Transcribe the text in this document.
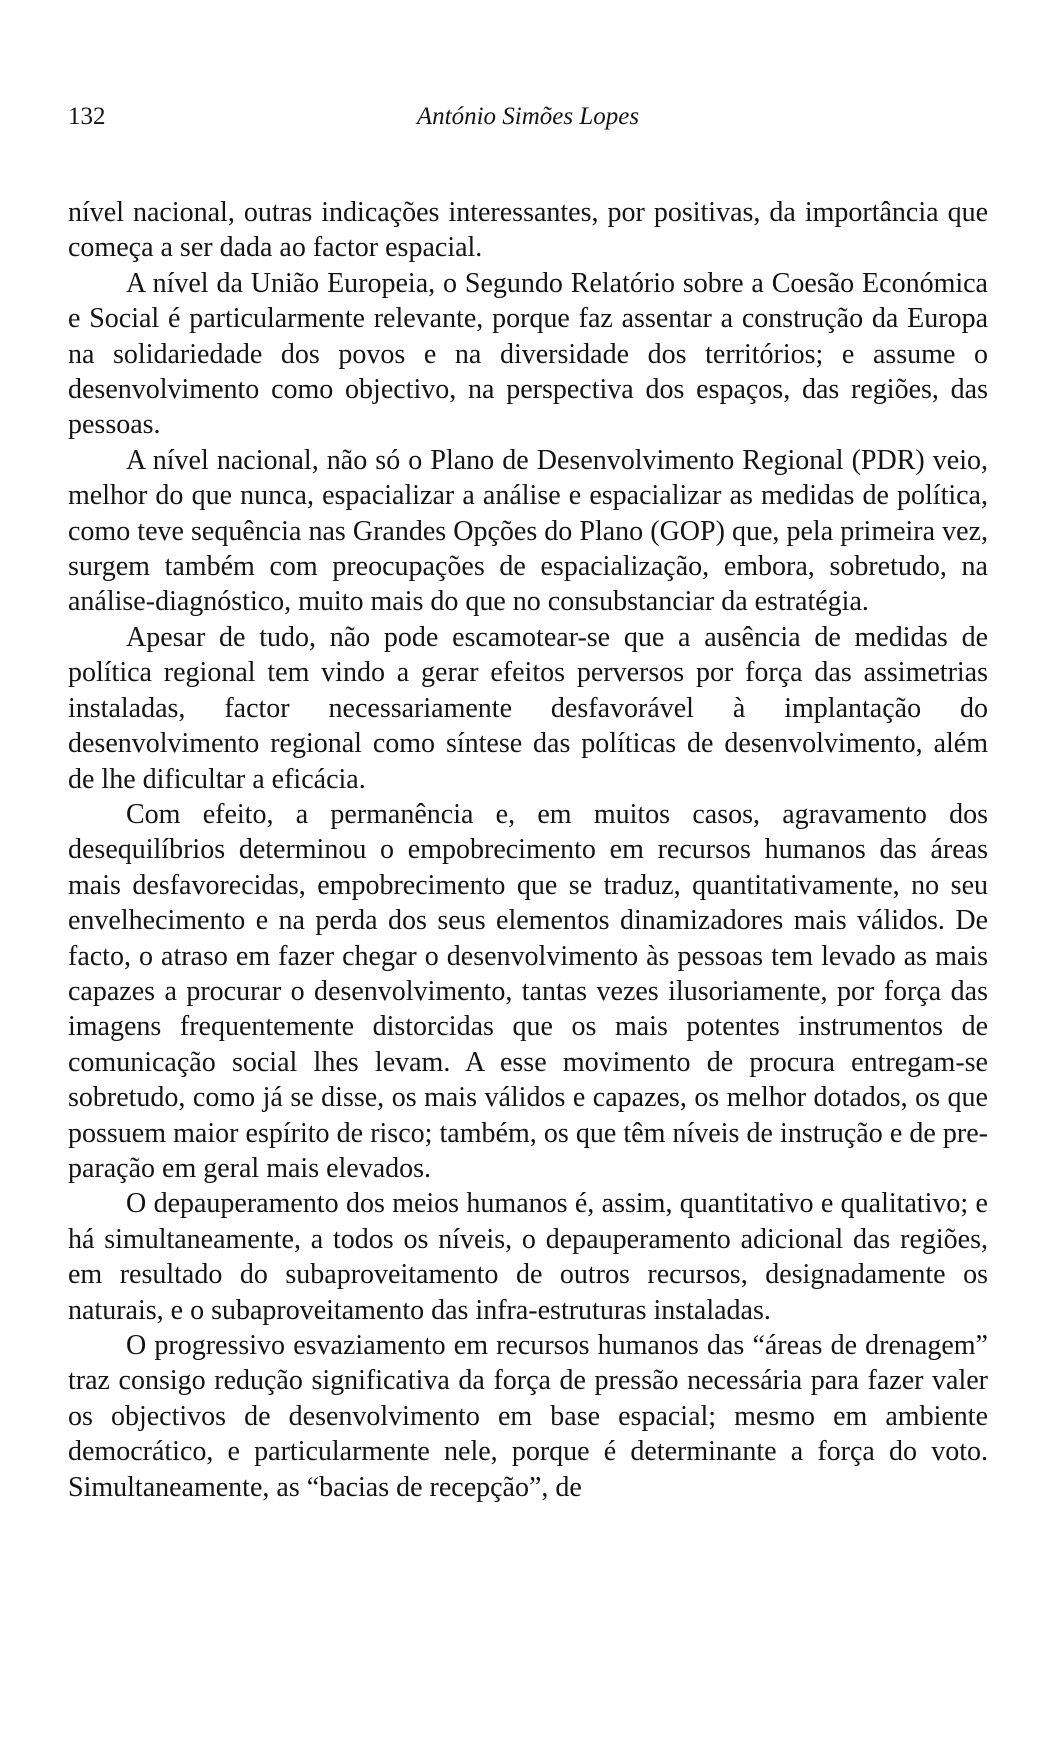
132	António Simões Lopes

nível nacional, outras indicações interessantes, por positivas, da importância que começa a ser dada ao factor espacial.

A nível da União Europeia, o Segundo Relatório sobre a Coesão Económica e Social é particularmente relevante, porque faz assentar a construção da Europa na solidariedade dos povos e na diversidade dos territórios; e assume o desenvolvimento como objectivo, na perspectiva dos espaços, das regiões, das pessoas.

A nível nacional, não só o Plano de Desenvolvimento Regional (PDR) veio, melhor do que nunca, espacializar a análise e espacializar as medidas de política, como teve sequência nas Grandes Opções do Plano (GOP) que, pela primeira vez, surgem também com preocupações de espacialização, embora, sobretudo, na análise-diagnóstico, muito mais do que no consubstanciar da estratégia.

Apesar de tudo, não pode escamotear-se que a ausência de medidas de política regional tem vindo a gerar efeitos perversos por força das assimetrias instaladas, factor necessariamente desfavorável à implantação do desenvolvimento regional como síntese das políticas de desenvolvimento, além de lhe dificultar a eficácia.

Com efeito, a permanência e, em muitos casos, agravamento dos desequilíbrios determinou o empobrecimento em recursos humanos das áreas mais desfavorecidas, empobrecimento que se traduz, quantitativamente, no seu envelhecimento e na perda dos seus elementos dinamizadores mais válidos. De facto, o atraso em fazer chegar o desenvolvimento às pessoas tem levado as mais capazes a procurar o desenvolvimento, tantas vezes ilusoriamente, por força das imagens frequentemente distorcidas que os mais potentes instrumentos de comunicação social lhes levam. A esse movimento de procura entregam-se sobretudo, como já se disse, os mais válidos e capazes, os melhor dotados, os que possuem maior espírito de risco; também, os que têm níveis de instrução e de preparação em geral mais elevados.

O depauperamento dos meios humanos é, assim, quantitativo e qualitativo; e há simultaneamente, a todos os níveis, o depauperamento adicional das regiões, em resultado do subaproveitamento de outros recursos, designadamente os naturais, e o subaproveitamento das infra-estruturas instaladas.

O progressivo esvaziamento em recursos humanos das “áreas de drenagem” traz consigo redução significativa da força de pressão necessária para fazer valer os objectivos de desenvolvimento em base espacial; mesmo em ambiente democrático, e particularmente nele, porque é determinante a força do voto. Simultaneamente, as “bacias de recepção”, de
